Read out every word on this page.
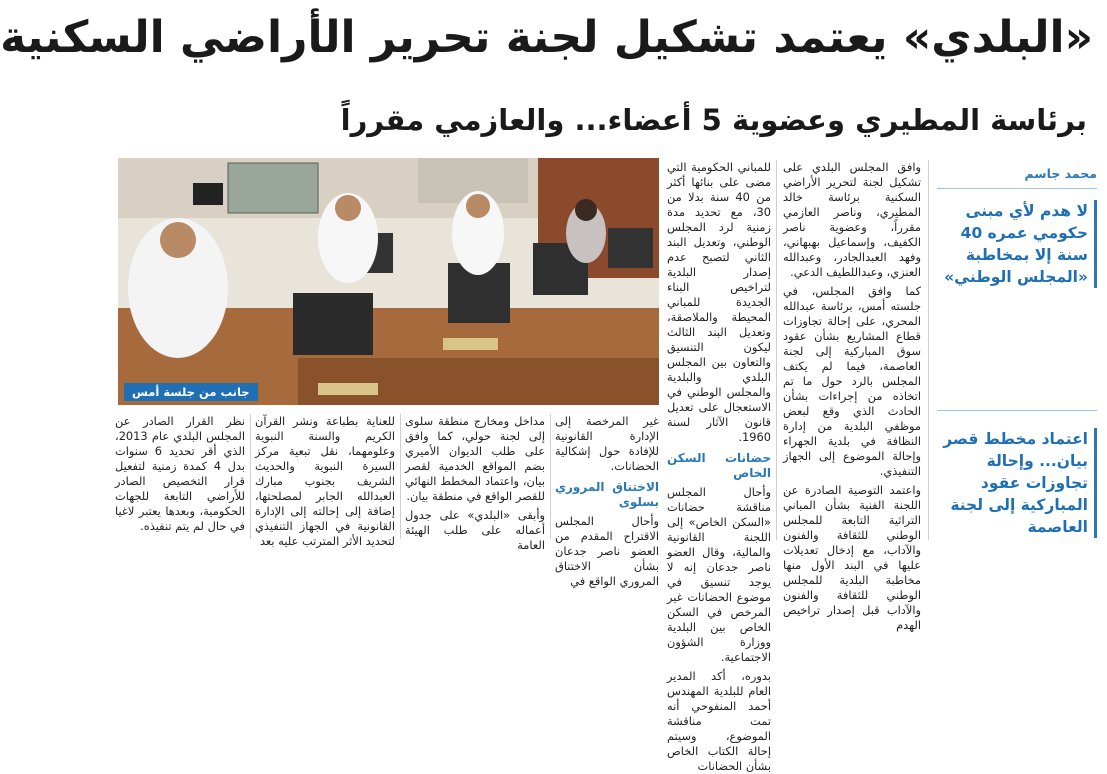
«البلدي» يعتمد تشكيل لجنة تحرير الأراضي السكنية
برئاسة المطيري وعضوية 5 أعضاء... والعازمي مقرراً
محمد جاسم
لا هدم لأي مبنى حكومي عمره 40 سنة إلا بمخاطبة «المجلس الوطني»
اعتماد مخطط قصر بيان... وإحالة تجاوزات عقود المباركية إلى لجنة العاصمة

وافق المجلس البلدي على تشكيل لجنة لتحرير الأراضي السكنية برئاسة خالد المطيري، وناصر العازمي مقرراً، وعضوية ناصر الكفيف، وإسماعيل بهبهاني، وفهد العبدالجادر، وعبدالله العنزي، وعبداللطيف الدعي.

كما وافق المجلس، في جلسته أمس، برئاسة عبدالله المحري، على إحالة تجاوزات قطاع المشاريع بشأن عقود سوق المباركية إلى لجنة العاصمة، فيما لم يكتف المجلس بالرد حول ما تم اتخاذه من إجراءات بشأن الحادث الذي وقع لبعض موظفي البلدية من إدارة النظافة في بلدية الجهراء وإحالة الموضوع إلى الجهاز التنفيذي.

واعتمد التوصية الصادرة عن اللجنة الفنية بشأن المباني التراثية التابعة للمجلس الوطني للثقافة والفنون والآداب، مع إدخال تعديلات عليها في البند الأول منها مخاطبة البلدية للمجلس الوطني للثقافة والفنون والآداب قبل إصدار تراخيص الهدم

للمباني الحكومية التي مضى على بنائها أكثر من 40 سنة بدلا من 30، مع تحديد مدة زمنية لرد المجلس الوطني، وتعديل البند الثاني لتصبح عدم إصدار البلدية لتراخيص البناء الجديدة للمباني المحيطة والملاصقة، وتعديل البند الثالث ليكون التنسيق والتعاون بين المجلس البلدي والبلدية والمجلس الوطني في الاستعجال على تعديل قانون الآثار لسنة 1960.

حضانات السكن الخاص

وأحال المجلس مناقشة حضانات «السكن الخاص» إلى اللجنة القانونية والمالية، وقال العضو ناصر جدعان إنه لا يوجد تنسيق في موضوع الحضانات غير المرخص في السكن الخاص بين البلدية ووزارة الشؤون الاجتماعية.

بدوره، أكد المدير العام للبلدية المهندس أحمد المنفوحي أنه تمت مناقشة الموضوع، وسيتم إحالة الكتاب الخاص بشأن الحضانات

جانب من جلسة أمس

غير المرخصة إلى الإدارة القانونية للإفادة حول إشكالية الحضانات.

الاختناق المروري بسلوى

وأحال المجلس الاقتراح المقدم من العضو ناصر جدعان بشأن الاختناق المروري الواقع في

مداخل ومخارج منطقة سلوى إلى لجنة حولي، كما وافق على طلب الديوان الأميري بضم المواقع الخدمية لقصر بيان، واعتماد المخطط النهائي للقصر الواقع في منطقة بيان.

وأبقى «البلدي» على جدول أعماله على طلب الهيئة العامة

للعناية بطباعة ونشر القرآن الكريم والسنة النبوية وعلومهما، نقل تبعية مركز السيرة النبوية والحديث الشريف بجنوب مبارك العبدالله الجابر لمصلحتها، إضافة إلى إحالته إلى الإدارة القانونية في الجهاز التنفيذي لتحديد الأثر المترتب عليه بعد

نظر القرار الصادر عن المجلس البلدي عام 2013، الذي أقر تحديد 6 سنوات بدل 4 كمدة زمنية لتفعيل قرار التخصيص الصادر للأراضي التابعة للجهات الحكومية، وبعدها يعتبر لاغيا في حال لم يتم تنفيذه.
